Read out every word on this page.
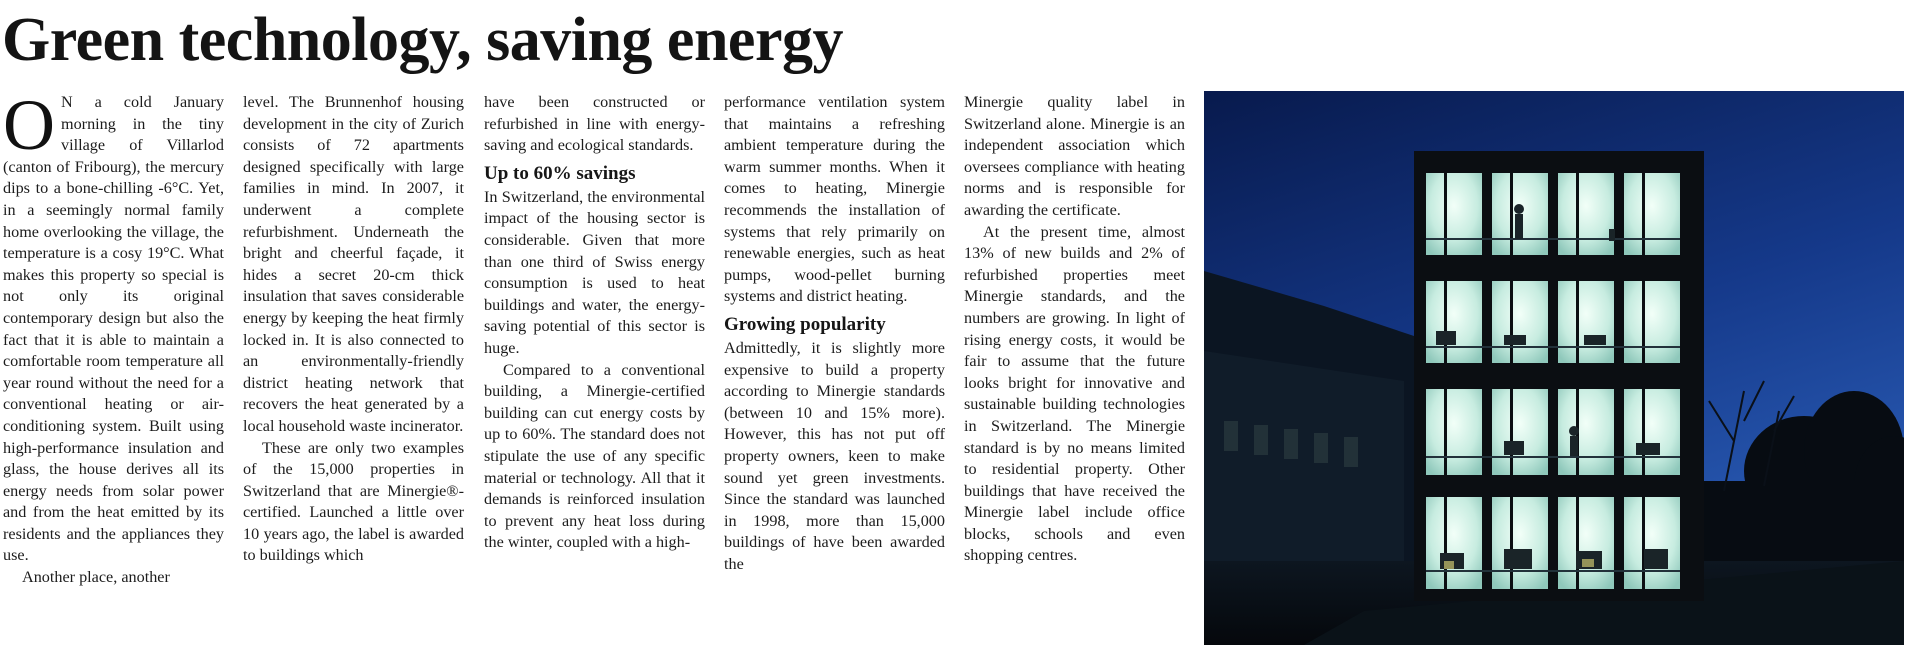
Green technology, saving energy

O N a cold January morning in the tiny village of Villarlod (canton of Fribourg), the mercury dips to a bone-chilling -6°C. Yet, in a seemingly normal family home overlooking the village, the temperature is a cosy 19°C. What makes this property so special is not only its original contemporary design but also the fact that it is able to maintain a comfortable room temperature all year round without the need for a conventional heating or air-conditioning system. Built using high-performance insulation and glass, the house derives all its energy needs from solar power and from the heat emitted by its residents and the appliances they use.

Another place, another

level. The Brunnenhof housing development in the city of Zurich consists of 72 apartments designed specifically with large families in mind. In 2007, it underwent a complete refurbishment. Underneath the bright and cheerful façade, it hides a secret 20-cm thick insulation that saves considerable energy by keeping the heat firmly locked in. It is also connected to an environmentally-friendly district heating network that recovers the heat generated by a local household waste incinerator.

These are only two examples of the 15,000 properties in Switzerland that are Minergie®-certified. Launched a little over 10 years ago, the label is awarded to buildings which

have been constructed or refurbished in line with energy-saving and ecological standards.

Up to 60% savings

In Switzerland, the environmental impact of the housing sector is considerable. Given that more than one third of Swiss energy consumption is used to heat buildings and water, the energy-saving potential of this sector is huge.

Compared to a conventional building, a Minergie-certified building can cut energy costs by up to 60%. The standard does not stipulate the use of any specific material or technology. All that it demands is reinforced insulation to prevent any heat loss during the winter, coupled with a high-

performance ventilation system that maintains a refreshing ambient temperature during the warm summer months. When it comes to heating, Minergie recommends the installation of systems that rely primarily on renewable energies, such as heat pumps, wood-pellet burning systems and district heating.

Growing popularity

Admittedly, it is slightly more expensive to build a property according to Minergie standards (between 10 and 15% more). However, this has not put off property owners, keen to make sound yet green investments. Since the standard was launched in 1998, more than 15,000 buildings of have been awarded the

Minergie quality label in Switzerland alone. Minergie is an independent association which oversees compliance with heating norms and is responsible for awarding the certificate.

At the present time, almost 13% of new builds and 2% of refurbished properties meet Minergie standards, and the numbers are growing. In light of rising energy costs, it would be fair to assume that the future looks bright for innovative and sustainable building technologies in Switzerland. The Minergie standard is by no means limited to residential property. Other buildings that have received the Minergie label include office blocks, schools and even shopping centres.
